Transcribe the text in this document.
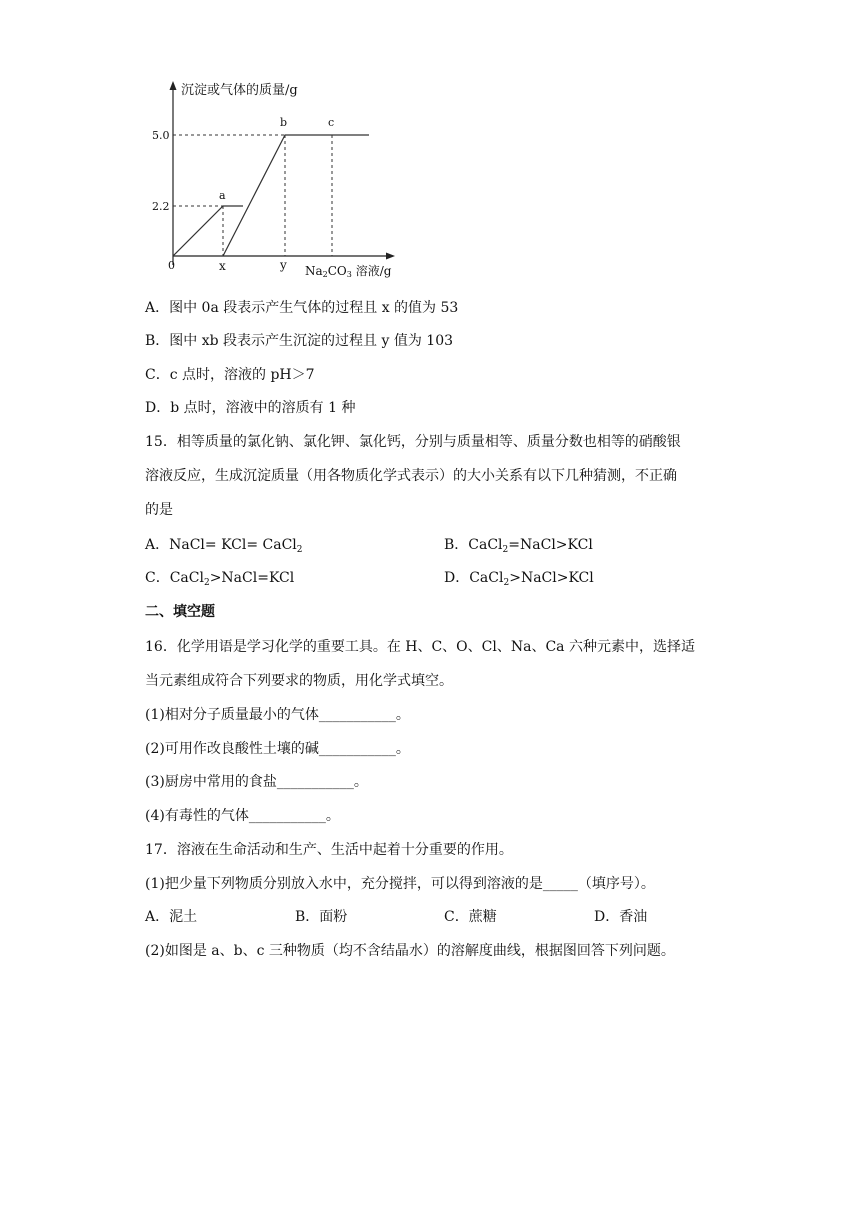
沉淀或气体的质量/g
5.0
2.2
0	x	y
a
b	c
Na2CO3 溶液/g
A．图中 0a 段表示产生气体的过程且 x 的值为 53
B．图中 xb 段表示产生沉淀的过程且 y 值为 103
C．c 点时，溶液的 pH＞7
D．b 点时，溶液中的溶质有 1 种
15．相等质量的氯化钠、氯化钾、氯化钙，分别与质量相等、质量分数也相等的硝酸银
溶液反应，生成沉淀质量（用各物质化学式表示）的大小关系有以下几种猜测，不正确
的是
A．NaCl= KCl= CaCl$_2$	B．CaCl$_2$=NaCl>KCl
C．CaCl$_2$>NaCl=KCl	D．CaCl$_2$>NaCl>KCl
二、填空题
16．化学用语是学习化学的重要工具。在 H、C、O、Cl、Na、Ca 六种元素中，选择适
当元素组成符合下列要求的物质，用化学式填空。
(1)相对分子质量最小的气体___________。
(2)可用作改良酸性土壤的碱___________。
(3)厨房中常用的食盐___________。
(4)有毒性的气体___________。
17．溶液在生命活动和生产、生活中起着十分重要的作用。
(1)把少量下列物质分别放入水中，充分搅拌，可以得到溶液的是_____（填序号）。
A．泥土	B．面粉	C．蔗糖	D．香油
(2)如图是 a、b、c 三种物质（均不含结晶水）的溶解度曲线，根据图回答下列问题。
